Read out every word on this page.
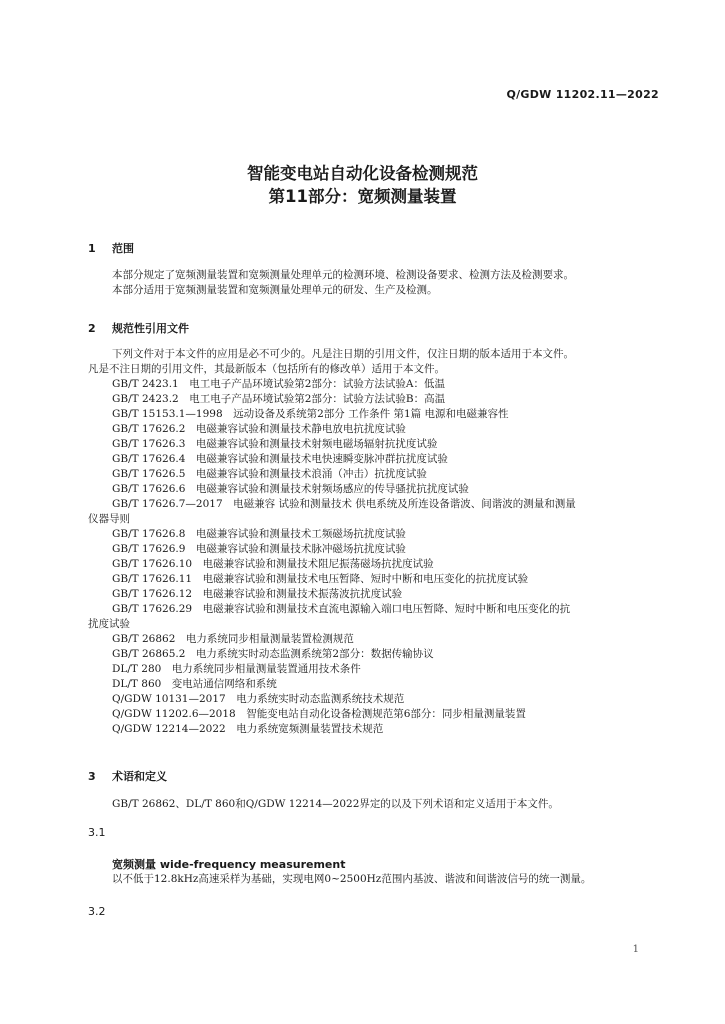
Q/GDW 11202.11—2022
智能变电站自动化设备检测规范
第11部分：宽频测量装置
1 范围
本部分规定了宽频测量装置和宽频测量处理单元的检测环境、检测设备要求、检测方法及检测要求。
本部分适用于宽频测量装置和宽频测量处理单元的研发、生产及检测。
2 规范性引用文件
下列文件对于本文件的应用是必不可少的。凡是注日期的引用文件，仅注日期的版本适用于本文件。
凡是不注日期的引用文件，其最新版本（包括所有的修改单）适用于本文件。
GB/T 2423.1　电工电子产品环境试验第2部分：试验方法试验A：低温
GB/T 2423.2　电工电子产品环境试验第2部分：试验方法试验B：高温
GB/T 15153.1—1998　远动设备及系统第2部分 工作条件 第1篇 电源和电磁兼容性
GB/T 17626.2　电磁兼容试验和测量技术静电放电抗扰度试验
GB/T 17626.3　电磁兼容试验和测量技术射频电磁场辐射抗扰度试验
GB/T 17626.4　电磁兼容试验和测量技术电快速瞬变脉冲群抗扰度试验
GB/T 17626.5　电磁兼容试验和测量技术浪涌（冲击）抗扰度试验
GB/T 17626.6　电磁兼容试验和测量技术射频场感应的传导骚扰抗扰度试验
GB/T 17626.7—2017　电磁兼容 试验和测量技术 供电系统及所连设备谐波、间谐波的测量和测量
仪器导则
GB/T 17626.8　电磁兼容试验和测量技术工频磁场抗扰度试验
GB/T 17626.9　电磁兼容试验和测量技术脉冲磁场抗扰度试验
GB/T 17626.10　电磁兼容试验和测量技术阻尼振荡磁场抗扰度试验
GB/T 17626.11　电磁兼容试验和测量技术电压暂降、短时中断和电压变化的抗扰度试验
GB/T 17626.12　电磁兼容试验和测量技术振荡波抗扰度试验
GB/T 17626.29　电磁兼容试验和测量技术直流电源输入端口电压暂降、短时中断和电压变化的抗
扰度试验
GB/T 26862　电力系统同步相量测量装置检测规范
GB/T 26865.2　电力系统实时动态监测系统第2部分：数据传输协议
DL/T 280　电力系统同步相量测量装置通用技术条件
DL/T 860　变电站通信网络和系统
Q/GDW 10131—2017　电力系统实时动态监测系统技术规范
Q/GDW 11202.6—2018　智能变电站自动化设备检测规范第6部分：同步相量测量装置
Q/GDW 12214—2022　电力系统宽频测量装置技术规范
3 术语和定义
GB/T 26862、DL/T 860和Q/GDW 12214—2022界定的以及下列术语和定义适用于本文件。
3.1
宽频测量 wide-frequency measurement
以不低于12.8kHz高速采样为基础，实现电网0~2500Hz范围内基波、谐波和间谐波信号的统一测量。
3.2
1
